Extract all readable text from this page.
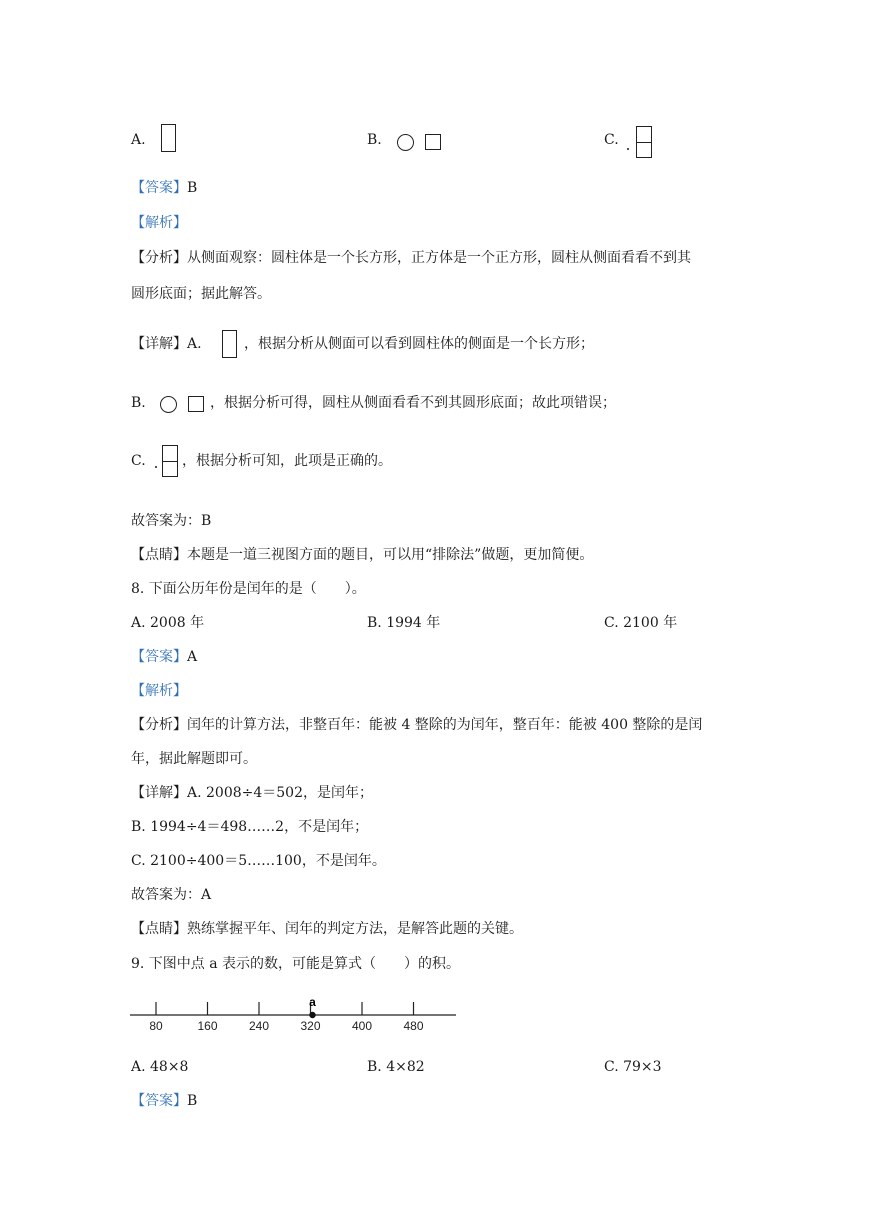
A.	B.	C.
【答案】B
【解析】
【分析】从侧面观察：圆柱体是一个长方形，正方体是一个正方形，圆柱从侧面看看不到其
圆形底面；据此解答。
【详解】A.	，根据分析从侧面可以看到圆柱体的侧面是一个长方形；
B.	，根据分析可得，圆柱从侧面看看不到其圆形底面；故此项错误；
C.	，根据分析可知，此项是正确的。
故答案为：B
【点睛】本题是一道三视图方面的题目，可以用“排除法”做题，更加简便。
8. 下面公历年份是闰年的是（　　）。
A. 2008 年	B. 1994 年	C. 2100 年
【答案】A
【解析】
【分析】闰年的计算方法，非整百年：能被 4 整除的为闰年，整百年：能被 400 整除的是闰
年，据此解题即可。
【详解】A. 2008÷4＝502，是闰年；
B. 1994÷4＝498……2，不是闰年；
C. 2100÷400＝5……100，不是闰年。
故答案为：A
【点睛】熟练掌握平年、闰年的判定方法，是解答此题的关键。
9. 下图中点 a 表示的数，可能是算式（　　）的积。
80	160	240	320	400	480
a
A. 48×8	B. 4×82	C. 79×3
【答案】B
